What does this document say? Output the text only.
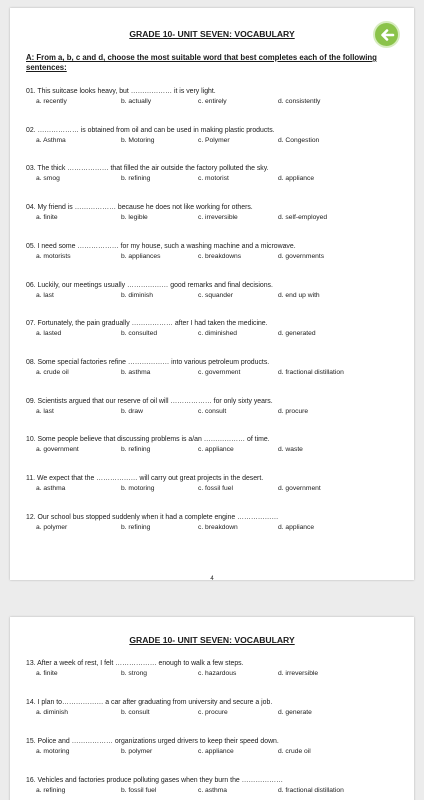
GRADE 10- UNIT SEVEN: VOCABULARY
A: From a, b, c and d, choose the most suitable word that best completes each of the following sentences:
01. This suitcase looks heavy, but ……………… it is very light.
a. recently	b. actually	c. entirely	d. consistently
02. ……………… is obtained from oil and can be used in making plastic products.
a. Asthma	b. Motoring	c. Polymer	d. Congestion
03. The thick ……………… that filled the air outside the factory polluted the sky.
a. smog	b. refining	c. motorist	d. appliance
04. My friend is ……………… because he does not like working for others.
a. finite	b. legible	c. irreversible	d. self-employed
05. I need some ……………… for my house, such a washing machine and a microwave.
a. motorists	b. appliances	c. breakdowns	d. governments
06. Luckily, our meetings usually ……………… good remarks and final decisions.
a. last	b. diminish	c. squander	d. end up with
07. Fortunately, the pain gradually ……………… after I had taken the medicine.
a. lasted	b. consulted	c. diminished	d. generated
08. Some special factories refine ……………… into various petroleum products.
a. crude oil	b. asthma	c. government	d. fractional distillation
09. Scientists argued that our reserve of oil will ……………… for only sixty years.
a. last	b. draw	c. consult	d. procure
10. Some people believe that discussing problems is a/an ……………… of time.
a. government	b. refining	c. appliance	d. waste
11. We expect that the ……………… will carry out great projects in the desert.
a. asthma	b. motoring	c. fossil fuel	d. government
12. Our school bus stopped suddenly when it had a complete engine ………………
a. polymer	b. refining	c. breakdown	d. appliance
4
GRADE 10- UNIT SEVEN: VOCABULARY
13. After a week of rest, I felt ……………… enough to walk a few steps.
a. finite	b. strong	c. hazardous	d. irreversible
14. I plan to……………… a car after graduating from university and secure a job.
a. diminish	b. consult	c. procure	d. generate
15. Police and ……………… organizations urged drivers to keep their speed down.
a. motoring	b. polymer	c. appliance	d. crude oil
16. Vehicles and factories produce polluting gases when they burn the ………………
a. refining	b. fossil fuel	c. asthma	d. fractional distillation
